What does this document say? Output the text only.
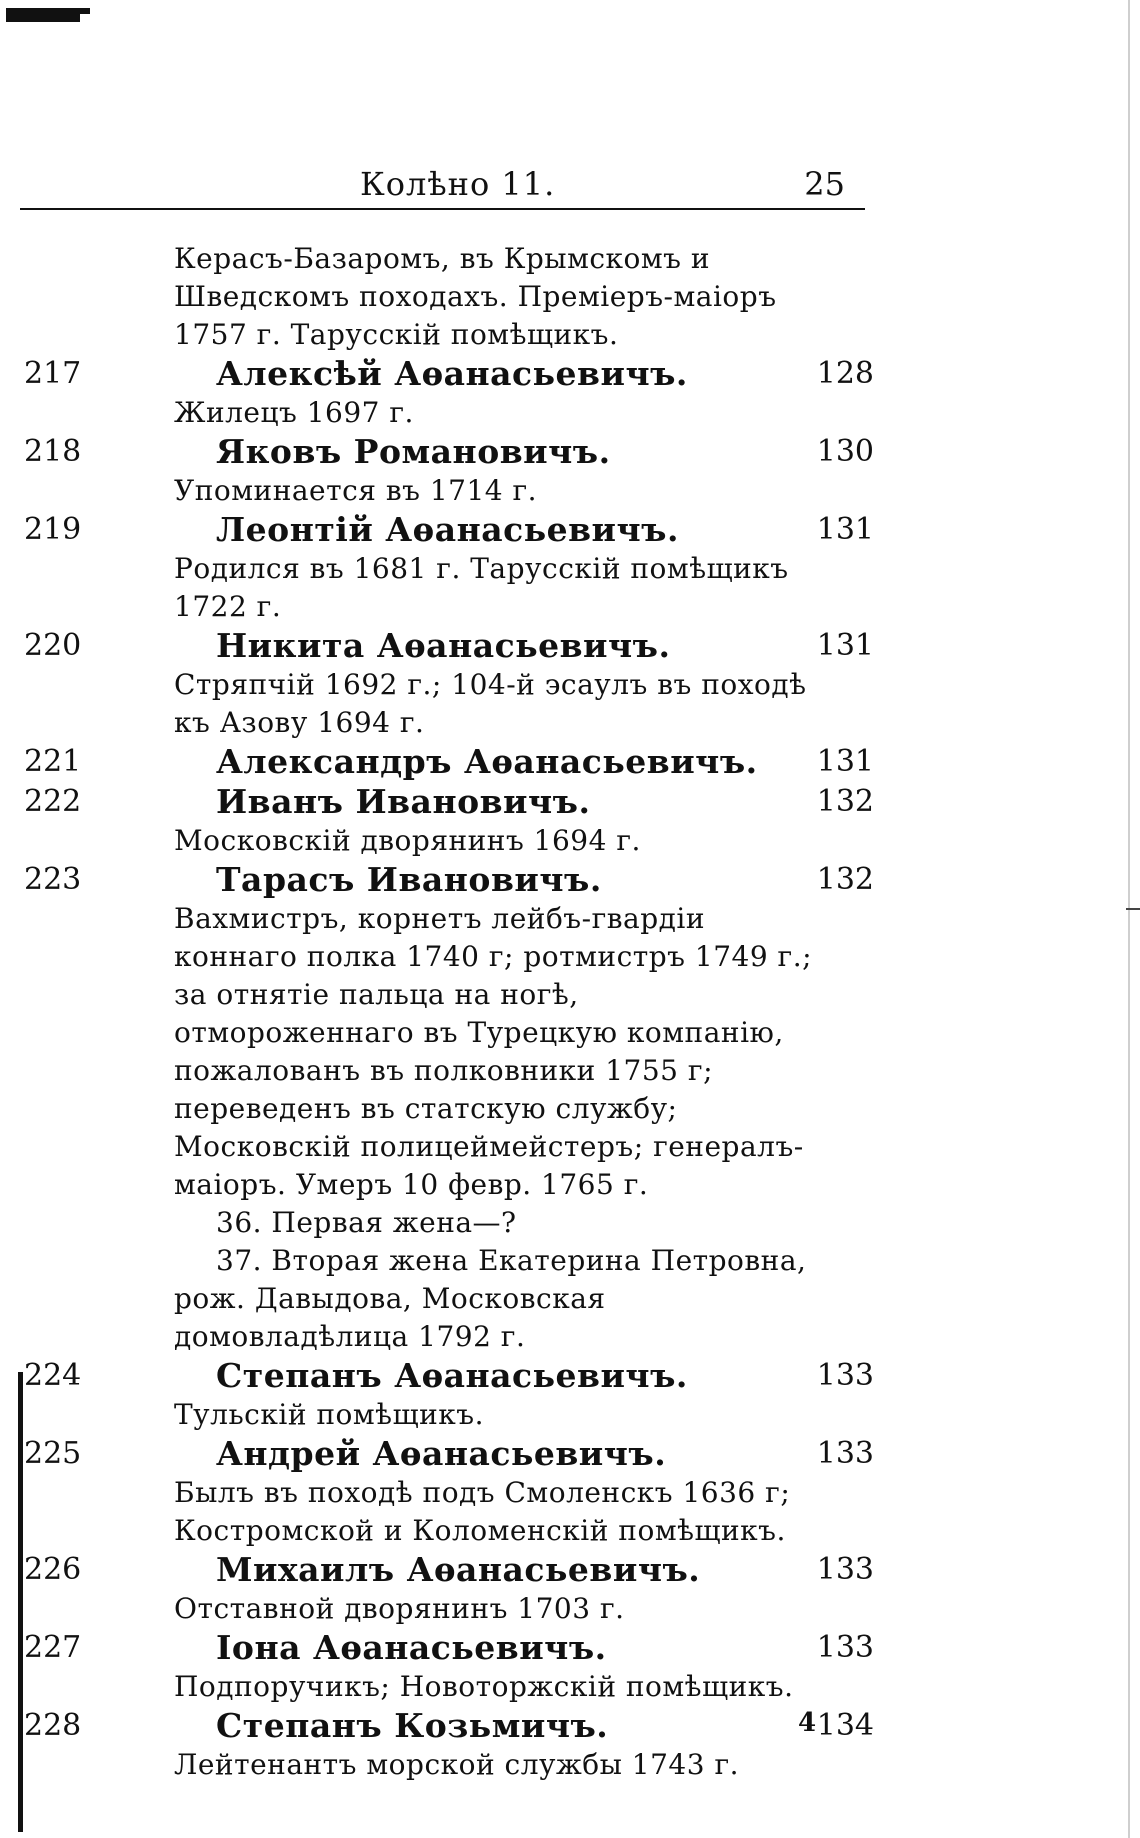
Колѣно 11.	25

Керасъ-Базаромъ, въ Крымскомъ и Шведскомъ походахъ. Премiеръ-маiоръ 1757 г. Тарусскiй помѣщикъ.

217	Алексѣй Аѳанасьевичъ.	128

Жилецъ 1697 г.

218	Яковъ Романовичъ.	130

Упоминается въ 1714 г.

219	Леонтiй Аѳанасьевичъ.	131

Родился въ 1681 г. Тарусскiй помѣщикъ 1722 г.

220	Никита Аѳанасьевичъ.	131

Стряпчiй 1692 г.; 104-й эсаулъ въ походѣ къ Азову 1694 г.

221	Александръ Аѳанасьевичъ. 131
222	Иванъ Ивановичъ.	132

Московскiй дворянинъ 1694 г.

223	Тарасъ Ивановичъ.	132

Вахмистръ, корнетъ лейбъ-гвардiи коннаго полка 1740 г; ротмистръ 1749 г.; за отнятiе пальца на ногѣ, отмороженнаго въ Турецкую компанiю, пожалованъ въ полковники 1755 г; переведенъ въ статскую службу; Московскiй полицеймейстеръ; генералъ-маiоръ. Умеръ 10 февр. 1765 г.

36. Первая жена—?

37. Вторая жена Екатерина Петровна, рож. Давыдова, Московская домовладѣлица 1792 г.

224	Степанъ Аѳанасьевичъ.	133

Тульскiй помѣщикъ.

225	Андрей Аѳанасьевичъ.	133

Былъ въ походѣ подъ Смоленскъ 1636 г; Костромской и Коломенскiй помѣщикъ.

226	Михаилъ Аѳанасьевичъ.	133

Отставной дворянинъ 1703 г.

227	Iона Аѳанасьевичъ.	133

Подпоручикъ; Новоторжскiй помѣщикъ.

228	Степанъ Козьмичъ.	134

Лейтенантъ морской службы 1743 г.

4
